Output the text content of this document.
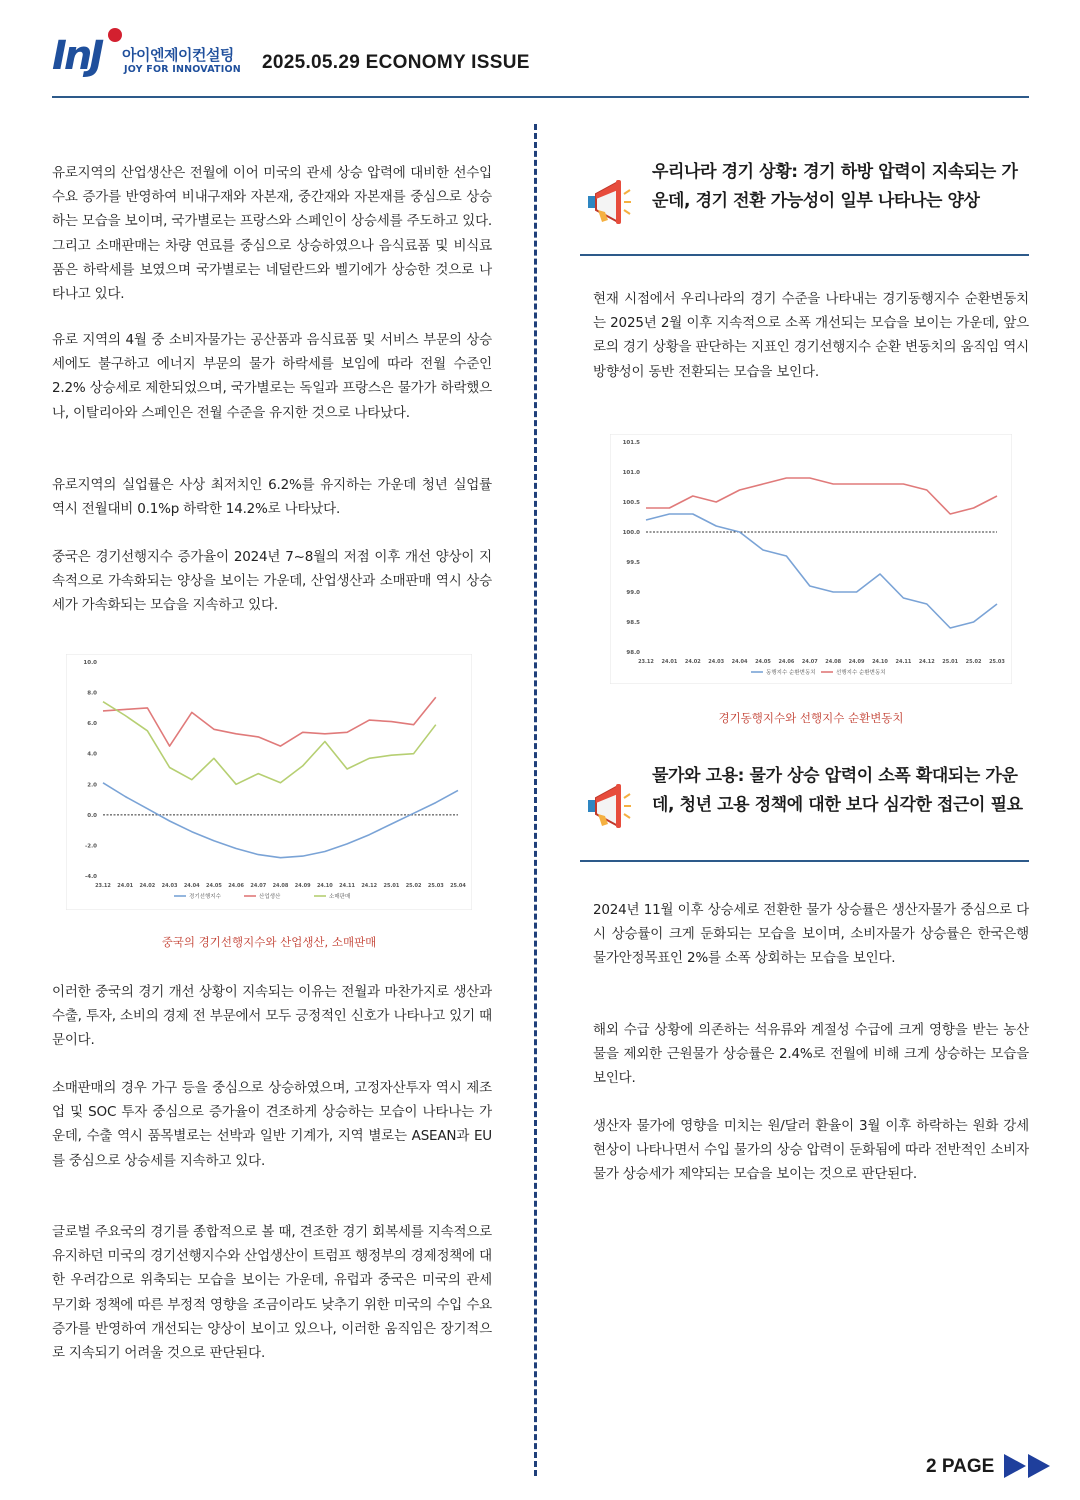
InJ 아이엔제이컨설팅
JOY FOR INNOVATION 2025.05.29 ECONOMY ISSUE

유로지역의 산업생산은 전월에 이어 미국의 관세 상승 압력에 대비한 선수입 수요 증가를 반영하여 비내구재와 자본재, 중간재와 자본재를 중심으로 상승하는 모습을 보이며, 국가별로는 프랑스와 스페인이 상승세를 주도하고 있다. 그리고 소매판매는 차량 연료를 중심으로 상승하였으나 음식료품 및 비식료품은 하락세를 보였으며 국가별로는 네덜란드와 벨기에가 상승한 것으로 나타나고 있다.

유로 지역의 4월 중 소비자물가는 공산품과 음식료품 및 서비스 부문의 상승세에도 불구하고 에너지 부문의 물가 하락세를 보임에 따라 전월 수준인 2.2% 상승세로 제한되었으며, 국가별로는 독일과 프랑스은 물가가 하락했으나, 이탈리아와 스페인은 전월 수준을 유지한 것으로 나타났다.

유로지역의 실업률은 사상 최저치인 6.2%를 유지하는 가운데 청년 실업률 역시 전월대비 0.1%p 하락한 14.2%로 나타났다.

중국은 경기선행지수 증가율이 2024년 7~8월의 저점 이후 개선 양상이 지속적으로 가속화되는 양상을 보이는 가운데, 산업생산과 소매판매 역시 상승세가 가속화되는 모습을 지속하고 있다.

10.0
8.0
6.0
4.0
2.0
0.0
-2.0
-4.0
23.12 24.01 24.02 24.03 24.04 24.05 24.06 24.07 24.08 24.09 24.10 24.11 24.12 25.01 25.02 25.03 25.04
경기선행지수	산업생산	소매판매
중국의 경기선행지수와 산업생산, 소매판매

이러한 중국의 경기 개선 상황이 지속되는 이유는 전월과 마찬가지로 생산과 수출, 투자, 소비의 경제 전 부문에서 모두 긍정적인 신호가 나타나고 있기 때문이다.

소매판매의 경우 가구 등을 중심으로 상승하였으며, 고정자산투자 역시 제조업 및 SOC 투자 중심으로 증가율이 견조하게 상승하는 모습이 나타나는 가운데, 수출 역시 품목별로는 선박과 일반 기계가, 지역 별로는 ASEAN과 EU를 중심으로 상승세를 지속하고 있다.

글로벌 주요국의 경기를 종합적으로 볼 때, 견조한 경기 회복세를 지속적으로 유지하던 미국의 경기선행지수와 산업생산이 트럼프 행정부의 경제정책에 대한 우려감으로 위축되는 모습을 보이는 가운데, 유럽과 중국은 미국의 관세 무기화 정책에 따른 부정적 영향을 조금이라도 낮추기 위한 미국의 수입 수요 증가를 반영하여 개선되는 양상이 보이고 있으나, 이러한 움직임은 장기적으로 지속되기 어려울 것으로 판단된다.

우리나라 경기 상황: 경기 하방 압력이 지속되는 가운데, 경기 전환 가능성이 일부 나타나는 양상

현재 시점에서 우리나라의 경기 수준을 나타내는 경기동행지수 순환변동치는 2025년 2월 이후 지속적으로 소폭 개선되는 모습을 보이는 가운데, 앞으로의 경기 상황을 판단하는 지표인 경기선행지수 순환 변동치의 움직임 역시 방향성이 동반 전환되는 모습을 보인다.

101.5
101.0
100.5
100.0
99.5
99.0
98.5
98.0
23.12 24.01 24.02 24.03 24.04 24.05 24.06 24.07 24.08 24.09 24.10 24.11 24.12 25.01 25.02 25.03
동행지수 순환변동치	선행지수 순환변동치
경기동행지수와 선행지수 순환변동치
물가와 고용: 물가 상승 압력이 소폭 확대되는 가운데, 청년 고용 정책에 대한 보다 심각한 접근이 필요

2024년 11월 이후 상승세로 전환한 물가 상승률은 생산자물가 중심으로 다시 상승률이 크게 둔화되는 모습을 보이며, 소비자물가 상승률은 한국은행 물가안정목표인 2%를 소폭 상회하는 모습을 보인다.

해외 수급 상황에 의존하는 석유류와 계절성 수급에 크게 영향을 받는 농산물을 제외한 근원물가 상승률은 2.4%로 전월에 비해 크게 상승하는 모습을 보인다.

생산자 물가에 영향을 미치는 원/달러 환율이 3월 이후 하락하는 원화 강세 현상이 나타나면서 수입 물가의 상승 압력이 둔화됨에 따라 전반적인 소비자 물가 상승세가 제약되는 모습을 보이는 것으로 판단된다.

2 PAGE
